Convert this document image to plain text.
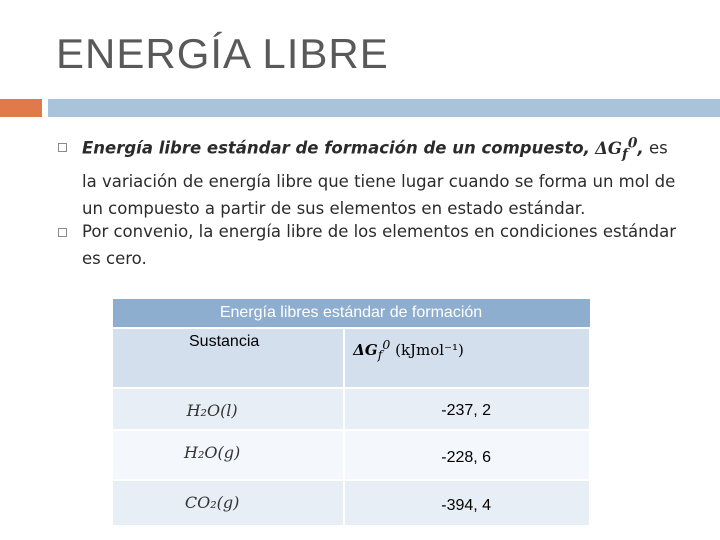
ENERGÍA LIBRE
Energía libre estándar de formación de un compuesto, $\Delta G_f^0$, es la variación de energía libre que tiene lugar cuando se forma un mol de un compuesto a partir de sus elementos en estado estándar.
Por convenio, la energía libre de los elementos en condiciones estándar es cero.
Energía libres estándar de formación	

Sustancia	$\Delta G_f^0$ (kJmol⁻¹)

H₂O(l)	-237, 2

H₂O(g)	-228, 6

CO₂(g)	-394, 4
